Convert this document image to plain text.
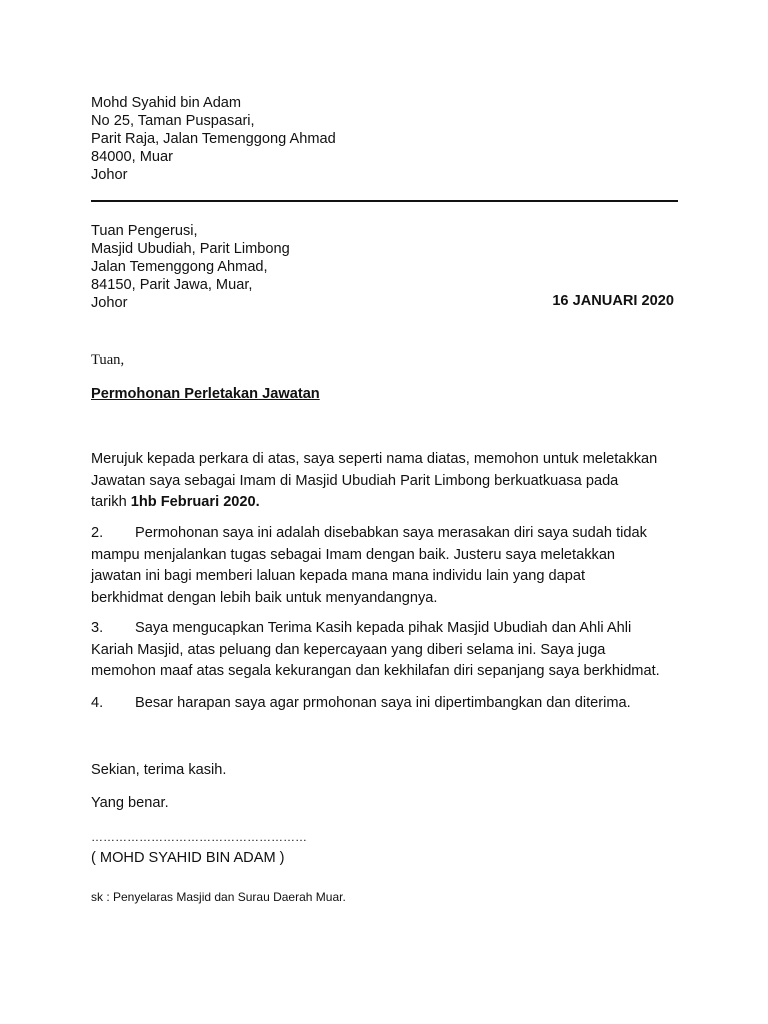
Mohd Syahid bin Adam
No 25, Taman Puspasari,
Parit Raja, Jalan Temenggong Ahmad
84000, Muar
Johor
Tuan Pengerusi,
Masjid Ubudiah, Parit Limbong
Jalan Temenggong Ahmad,
84150, Parit Jawa, Muar,
Johor	16 JANUARI 2020
Tuan,
Permohonan Perletakan Jawatan
Merujuk kepada perkara di atas, saya seperti nama diatas, memohon untuk meletakkan
Jawatan saya sebagai Imam di Masjid Ubudiah Parit Limbong berkuatkuasa pada
tarikh 1hb Februari 2020.
2. Permohonan saya ini adalah disebabkan saya merasakan diri saya sudah tidak
mampu menjalankan tugas sebagai Imam dengan baik. Justeru saya meletakkan
jawatan ini bagi memberi laluan kepada mana mana individu lain yang dapat
berkhidmat dengan lebih baik untuk menyandangnya.
3. Saya mengucapkan Terima Kasih kepada pihak Masjid Ubudiah dan Ahli Ahli
Kariah Masjid, atas peluang dan kepercayaan yang diberi selama ini. Saya juga
memohon maaf atas segala kekurangan dan kekhilafan diri sepanjang saya berkhidmat.
4. Besar harapan saya agar prmohonan saya ini dipertimbangkan dan diterima.
Sekian, terima kasih.
Yang benar.
………………………………………………
( MOHD SYAHID BIN ADAM )
sk : Penyelaras Masjid dan Surau Daerah Muar.
